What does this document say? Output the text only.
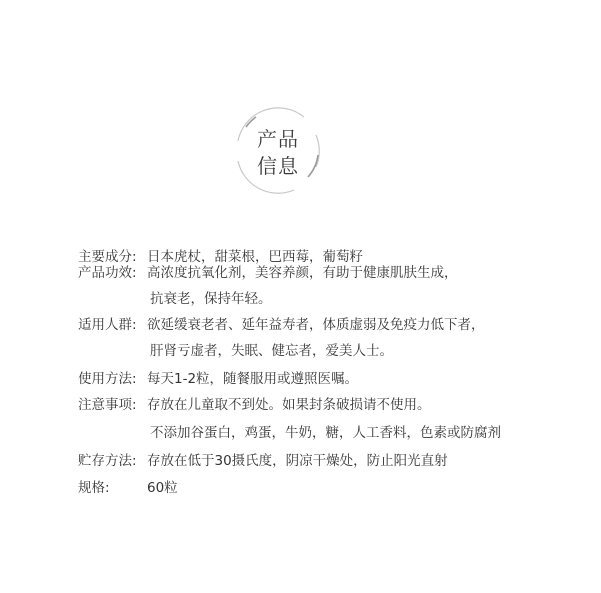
产品
信息
主要成分: 日本虎杖，甜菜根，巴西莓，葡萄籽
产品功效: 高浓度抗氧化剂，美容养颜，有助于健康肌肤生成，
抗衰老，保持年轻。
适用人群: 欲延缓衰老者、延年益寿者，体质虚弱及免疫力低下者，
肝肾亏虚者，失眠、健忘者，爱美人士。
使用方法: 每天1-2粒，随餐服用或遵照医嘱。
注意事项: 存放在儿童取不到处。如果封条破损请不使用。
不添加谷蛋白，鸡蛋，牛奶，糖，人工香料，色素或防腐剂
贮存方法: 存放在低于30摄氏度，阴凉干燥处，防止阳光直射
规格:	60粒
